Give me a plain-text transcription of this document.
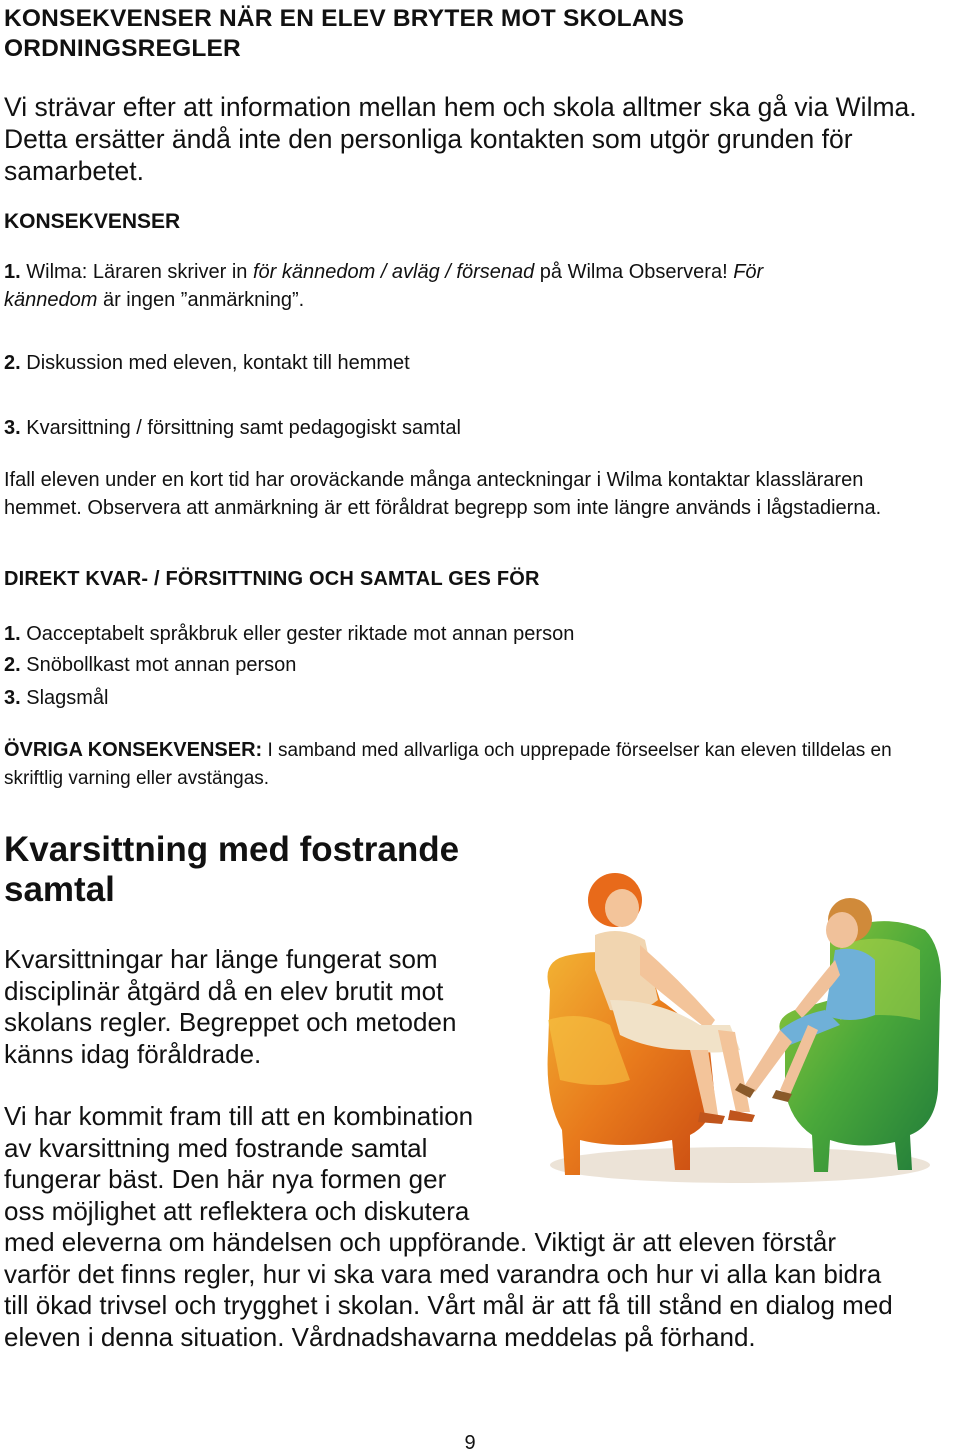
KONSEKVENSER NÄR EN ELEV BRYTER MOT SKOLANS ORDNINGSREGLER
Vi strävar efter att information mellan hem och skola alltmer ska gå via Wilma. Detta ersätter ändå inte den personliga kontakten som utgör grunden för samarbetet.
KONSEKVENSER
1. Wilma: Läraren skriver in för kännedom / avläg / försenad på Wilma Observera! För
kännedom är ingen ”anmärkning”.
2. Diskussion med eleven, kontakt till hemmet
3. Kvarsittning / försittning samt pedagogiskt samtal
Ifall eleven under en kort tid har oroväckande många anteckningar i Wilma kontaktar klassläraren hemmet. Observera att anmärkning är ett föråldrat begrepp som inte längre används i lågstadierna.
DIREKT KVAR- / FÖRSITTNING OCH SAMTAL GES FÖR
1. Oacceptabelt språkbruk eller gester riktade mot annan person
2. Snöbollkast mot annan person
3. Slagsmål
ÖVRIGA KONSEKVENSER: I samband med allvarliga och upprepade förseelser kan eleven tilldelas en skriftlig varning eller avstängas.
Kvarsittning med fostrande samtal
Kvarsittningar har länge fungerat som
disciplinär åtgärd då en elev brutit mot
skolans regler. Begreppet och metoden
känns idag föråldrade.
Vi har kommit fram till att en kombination
av kvarsittning med fostrande samtal
fungerar bäst. Den här nya formen ger
oss möjlighet att reflektera och diskutera
med eleverna om händelsen och uppförande. Viktigt är att eleven förstår
varför det finns regler, hur vi ska vara med varandra och hur vi alla kan bidra
till ökad trivsel och trygghet i skolan. Vårt mål är att få till stånd en dialog med
eleven i denna situation. Vårdnadshavarna meddelas på förhand.
9
